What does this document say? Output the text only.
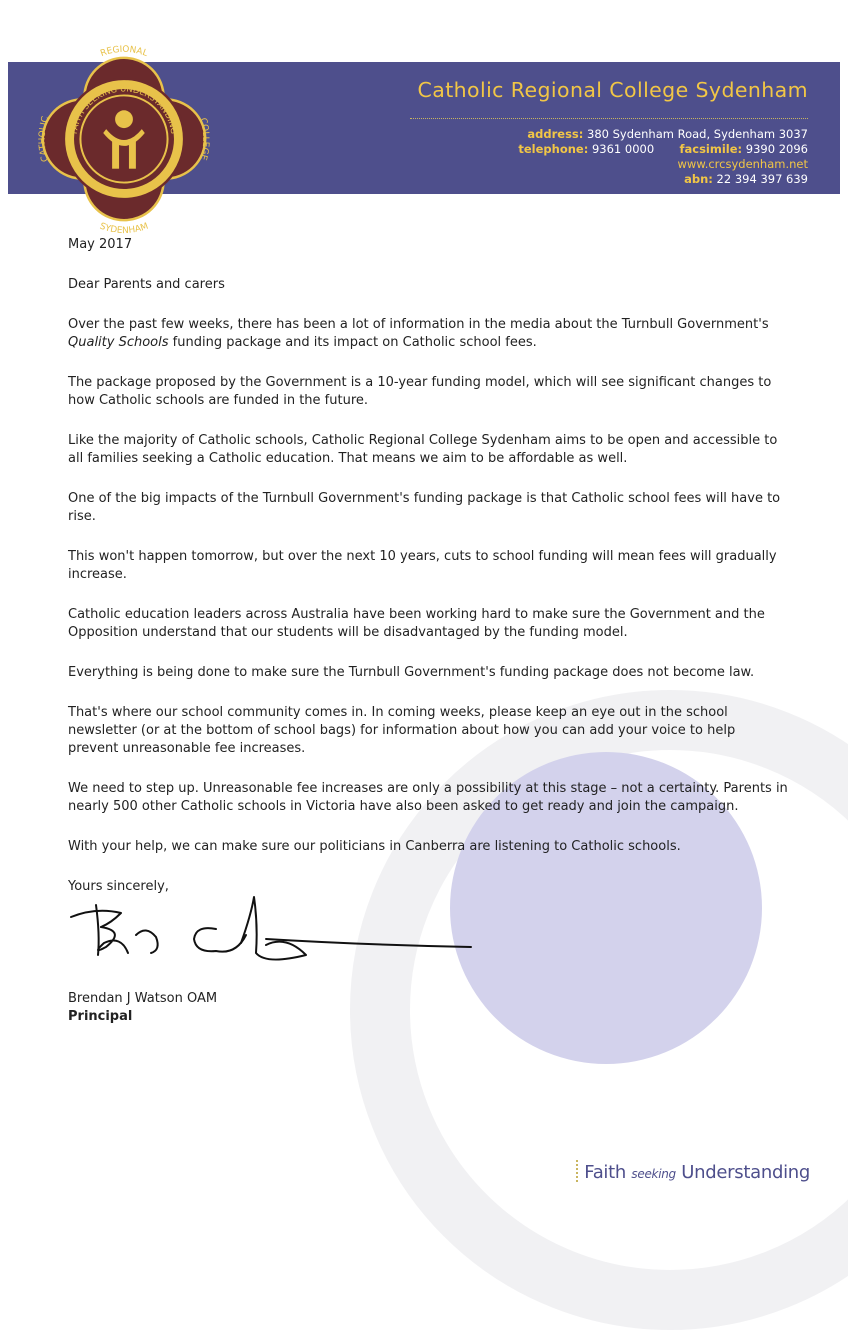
FAITH SEEKING UNDERSTANDING
REGIONAL
SYDENHAM
CATHOLIC	COLLEGE
Catholic Regional College Sydenham
address: 380 Sydenham Road, Sydenham 3037
telephone: 9361 0000 facsimile: 9390 2096
www.crcsydenham.net
abn: 22 394 397 639

May 2017

Dear Parents and carers

Over the past few weeks, there has been a lot of information in the media about the Turnbull Government's Quality Schools funding package and its impact on Catholic school fees.

The package proposed by the Government is a 10-year funding model, which will see significant changes to how Catholic schools are funded in the future.

Like the majority of Catholic schools, Catholic Regional College Sydenham aims to be open and accessible to all families seeking a Catholic education. That means we aim to be affordable as well.

One of the big impacts of the Turnbull Government's funding package is that Catholic school fees will have to rise.

This won't happen tomorrow, but over the next 10 years, cuts to school funding will mean fees will gradually increase.

Catholic education leaders across Australia have been working hard to make sure the Government and the Opposition understand that our students will be disadvantaged by the funding model.

Everything is being done to make sure the Turnbull Government's funding package does not become law.

That's where our school community comes in. In coming weeks, please keep an eye out in the school newsletter (or at the bottom of school bags) for information about how you can add your voice to help prevent unreasonable fee increases.

We need to step up. Unreasonable fee increases are only a possibility at this stage – not a certainty. Parents in nearly 500 other Catholic schools in Victoria have also been asked to get ready and join the campaign.

With your help, we can make sure our politicians in Canberra are listening to Catholic schools.

Yours sincerely,

Brendan J Watson OAM
Principal
Faith seeking Understanding
